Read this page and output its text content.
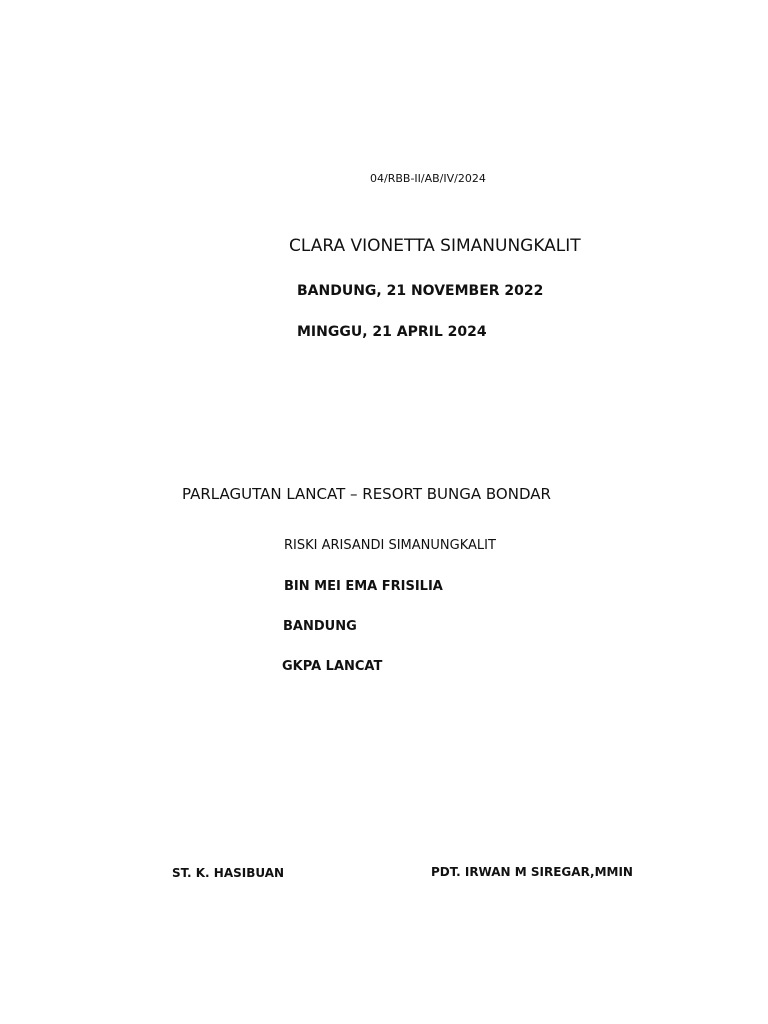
04/RBB-II/AB/IV/2024

CLARA VIONETTA SIMANUNGKALIT

BANDUNG, 21 NOVEMBER 2022

MINGGU, 21 APRIL 2024

PARLAGUTAN LANCAT – RESORT BUNGA BONDAR

RISKI ARISANDI SIMANUNGKALIT

BIN MEI EMA FRISILIA

BANDUNG

GKPA LANCAT

ST. K. HASIBUAN	PDT. IRWAN M SIREGAR,MMIN
